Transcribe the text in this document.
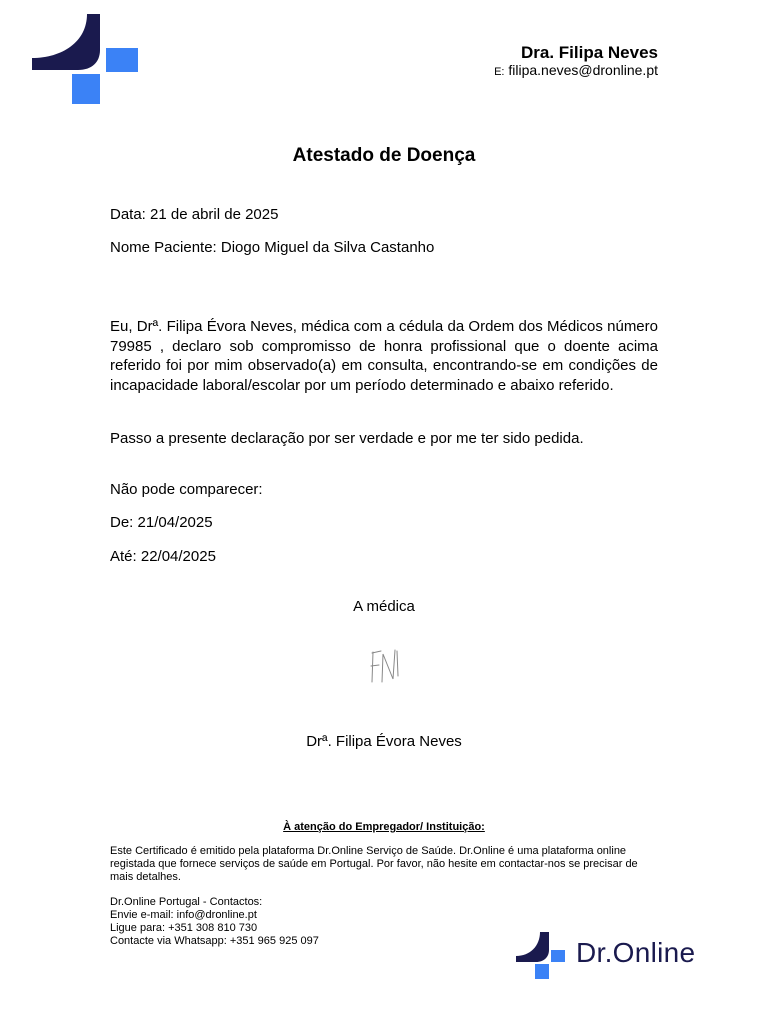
Dra. Filipa Neves
E: filipa.neves@dronline.pt
Atestado de Doença
Data: 21 de abril de 2025
Nome Paciente: Diogo Miguel da Silva Castanho

Eu, Drª. Filipa Évora Neves, médica com a cédula da Ordem dos Médicos número 79985 , declaro sob compromisso de honra profissional que o doente acima referido foi por mim observado(a) em consulta, encontrando-se em condições de incapacidade laboral/escolar por um período determinado e abaixo referido.

Passo a presente declaração por ser verdade e por me ter sido pedida.
Não pode comparecer:
De: 21/04/2025
Até: 22/04/2025
A médica
Drª. Filipa Évora Neves
À atenção do Empregador/ Instituição:

Este Certificado é emitido pela plataforma Dr.Online Serviço de Saúde. Dr.Online é uma plataforma online registada que fornece serviços de saúde em Portugal. Por favor, não hesite em contactar-nos se precisar de mais detalhes.

Dr.Online Portugal - Contactos:
Envie e-mail: info@dronline.pt
Ligue para: +351 308 810 730
Contacte via Whatsapp: +351 965 925 097	Dr.Online
